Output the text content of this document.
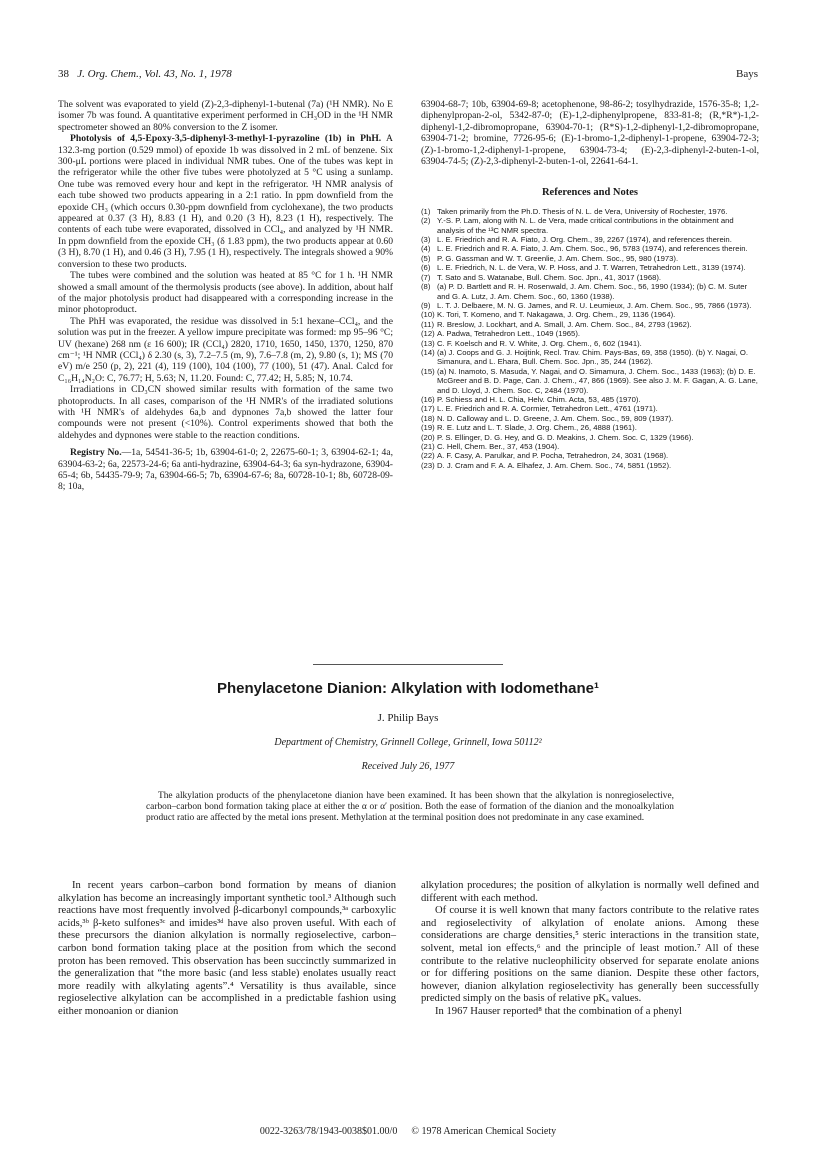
38 J. Org. Chem., Vol. 43, No. 1, 1978	Bays

The solvent was evaporated to yield (Z)-2,3-diphenyl-1-butenal (7a) (¹H NMR). No E isomer 7b was found. A quantitative experiment performed in CH₃OD in the ¹H NMR spectrometer showed an 80% conversion to the Z isomer.

Photolysis of 4,5-Epoxy-3,5-diphenyl-3-methyl-1-pyrazoline (1b) in PhH. A 132.3-mg portion (0.529 mmol) of epoxide 1b was dissolved in 2 mL of benzene. Six 300-μL portions were placed in individual NMR tubes. One of the tubes was kept in the refrigerator while the other five tubes were photolyzed at 5 °C using a sunlamp. One tube was removed every hour and kept in the refrigerator. ¹H NMR analysis of each tube showed two products appearing in a 2:1 ratio. In ppm downfield from the epoxide CH₃ (which occurs 0.30-ppm downfield from cyclohexane), the two products appeared at 0.37 (3 H), 8.83 (1 H), and 0.20 (3 H), 8.23 (1 H), respectively. The contents of each tube were evaporated, dissolved in CCl₄, and analyzed by ¹H NMR. In ppm downfield from the epoxide CH₃ (δ 1.83 ppm), the two products appear at 0.60 (3 H), 8.70 (1 H), and 0.46 (3 H), 7.95 (1 H), respectively. The integrals showed a 90% conversion to these two products.

The tubes were combined and the solution was heated at 85 °C for 1 h. ¹H NMR showed a small amount of the thermolysis products (see above). In addition, about half of the major photolysis product had disappeared with a corresponding increase in the minor photoproduct.

The PhH was evaporated, the residue was dissolved in 5:1 hexane–CCl₄, and the solution was put in the freezer. A yellow impure precipitate was formed: mp 95–96 °C; UV (hexane) 268 nm (ε 16 600); IR (CCl₄) 2820, 1710, 1650, 1450, 1370, 1250, 870 cm⁻¹; ¹H NMR (CCl₄) δ 2.30 (s, 3), 7.2–7.5 (m, 9), 7.6–7.8 (m, 2), 9.80 (s, 1); MS (70 eV) m/e 250 (p, 2), 221 (4), 119 (100), 104 (100), 77 (100), 51 (47). Anal. Calcd for C₁₆H₁₄N₂O: C, 76.77; H, 5.63; N, 11.20. Found: C, 77.42; H, 5.85; N, 10.74.

Irradiations in CD₃CN showed similar results with formation of the same two photoproducts. In all cases, comparison of the ¹H NMR's of the irradiated solutions with ¹H NMR's of aldehydes 6a,b and dypnones 7a,b showed the latter four compounds were not present (<10%). Control experiments showed that both the aldehydes and dypnones were stable to the reaction conditions.

Registry No.—1a, 54541-36-5; 1b, 63904-61-0; 2, 22675-60-1; 3, 63904-62-1; 4a, 63904-63-2; 6a, 22573-24-6; 6a anti-hydrazine, 63904-64-3; 6a syn-hydrazone, 63904-65-4; 6b, 54435-79-9; 7a, 63904-66-5; 7b, 63904-67-6; 8a, 60728-10-1; 8b, 60728-09-8; 10a,

63904-68-7; 10b, 63904-69-8; acetophenone, 98-86-2; tosylhydrazide, 1576-35-8; 1,2-diphenylpropan-2-ol, 5342-87-0; (E)-1,2-diphenylpropene, 833-81-8; (R,*R*)-1,2-diphenyl-1,2-dibromopropane, 63904-70-1; (R*S)-1,2-diphenyl-1,2-dibromopropane, 63904-71-2; bromine, 7726-95-6; (E)-1-bromo-1,2-diphenyl-1-propene, 63904-72-3; (Z)-1-bromo-1,2-diphenyl-1-propene, 63904-73-4; (E)-2,3-diphenyl-2-buten-1-ol, 63904-74-5; (Z)-2,3-diphenyl-2-buten-1-ol, 22641-64-1.

References and Notes
(1) Taken primarily from the Ph.D. Thesis of N. L. de Vera, University of Rochester, 1976.
(2) Y.-S. P. Lam, along with N. L. de Vera, made critical contributions in the obtainment and analysis of the ¹³C NMR spectra.
(3) L. E. Friedrich and R. A. Fiato, J. Org. Chem., 39, 2267 (1974), and references therein.
(4) L. E. Friedrich and R. A. Fiato, J. Am. Chem. Soc., 96, 5783 (1974), and references therein.
(5) P. G. Gassman and W. T. Greenlie, J. Am. Chem. Soc., 95, 980 (1973).
(6) L. E. Friedrich, N. L. de Vera, W. P. Hoss, and J. T. Warren, Tetrahedron Lett., 3139 (1974).
(7) T. Sato and S. Watanabe, Bull. Chem. Soc. Jpn., 41, 3017 (1968).
(8) (a) P. D. Bartlett and R. H. Rosenwald, J. Am. Chem. Soc., 56, 1990 (1934); (b) C. M. Suter and G. A. Lutz, J. Am. Chem. Soc., 60, 1360 (1938).
(9) L. T. J. Delbaere, M. N. G. James, and R. U. Leumieux, J. Am. Chem. Soc., 95, 7866 (1973).
(10) K. Tori, T. Komeno, and T. Nakagawa, J. Org. Chem., 29, 1136 (1964).
(11) R. Breslow, J. Lockhart, and A. Small, J. Am. Chem. Soc., 84, 2793 (1962).
(12) A. Padwa, Tetrahedron Lett., 1049 (1965).
(13) C. F. Koelsch and R. V. White, J. Org. Chem., 6, 602 (1941).
(14) (a) J. Coops and G. J. Hoijtink, Recl. Trav. Chim. Pays-Bas, 69, 358 (1950). (b) Y. Nagai, O. Simanura, and L. Ehara, Bull. Chem. Soc. Jpn., 35, 244 (1962).
(15) (a) N. Inamoto, S. Masuda, Y. Nagai, and O. Simamura, J. Chem. Soc., 1433 (1963); (b) D. E. McGreer and B. D. Page, Can. J. Chem., 47, 866 (1969). See also J. M. F. Gagan, A. G. Lane, and D. Lloyd, J. Chem. Soc. C, 2484 (1970).
(16) P. Schiess and H. L. Chia, Helv. Chim. Acta, 53, 485 (1970).
(17) L. E. Friedrich and R. A. Cormier, Tetrahedron Lett., 4761 (1971).
(18) N. D. Calloway and L. D. Greene, J. Am. Chem. Soc., 59, 809 (1937).
(19) R. E. Lutz and L. T. Slade, J. Org. Chem., 26, 4888 (1961).
(20) P. S. Ellinger, D. G. Hey, and G. D. Meakins, J. Chem. Soc. C, 1329 (1966).
(21) C. Hell, Chem. Ber., 37, 453 (1904).
(22) A. F. Casy, A. Parulkar, and P. Pocha, Tetrahedron, 24, 3031 (1968).
(23) D. J. Cram and F. A. A. Elhafez, J. Am. Chem. Soc., 74, 5851 (1952).
Phenylacetone Dianion: Alkylation with Iodomethane¹
J. Philip Bays
Department of Chemistry, Grinnell College, Grinnell, Iowa 50112²
Received July 26, 1977

The alkylation products of the phenylacetone dianion have been examined. It has been shown that the alkylation is nonregioselective, carbon–carbon bond formation taking place at either the α or α′ position. Both the ease of formation of the dianion and the monoalkylation product ratio are affected by the metal ions present. Methylation at the terminal position does not predominate in any case examined.

In recent years carbon–carbon bond formation by means of dianion alkylation has become an increasingly important synthetic tool.³ Although such reactions have most frequently involved β-dicarbonyl compounds,³ᵃ carboxylic acids,³ᵇ β-keto sulfones³ᶜ and imides³ᵈ have also proven useful. With each of these precursors the dianion alkylation is normally regioselective, carbon–carbon bond formation taking place at the position from which the second proton has been removed. This observation has been succinctly summarized in the generalization that “the more basic (and less stable) enolates usually react more readily with alkylating agents”.⁴ Versatility is thus available, since regioselective alkylation can be accomplished in a predictable fashion using either monoanion or dianion

alkylation procedures; the position of alkylation is normally well defined and different with each method.

Of course it is well known that many factors contribute to the relative rates and regioselectivity of alkylation of enolate anions. Among these considerations are charge densities,⁵ steric interactions in the transition state, solvent, metal ion effects,⁶ and the principle of least motion.⁷ All of these contribute to the relative nucleophilicity observed for separate enolate anions or for differing positions on the same dianion. Despite these other factors, however, dianion alkylation regioselectivity has generally been successfully predicted simply on the basis of relative pKₐ values.

In 1967 Hauser reported⁸ that the combination of a phenyl

0022-3263/78/1943-0038$01.00/0 © 1978 American Chemical Society
